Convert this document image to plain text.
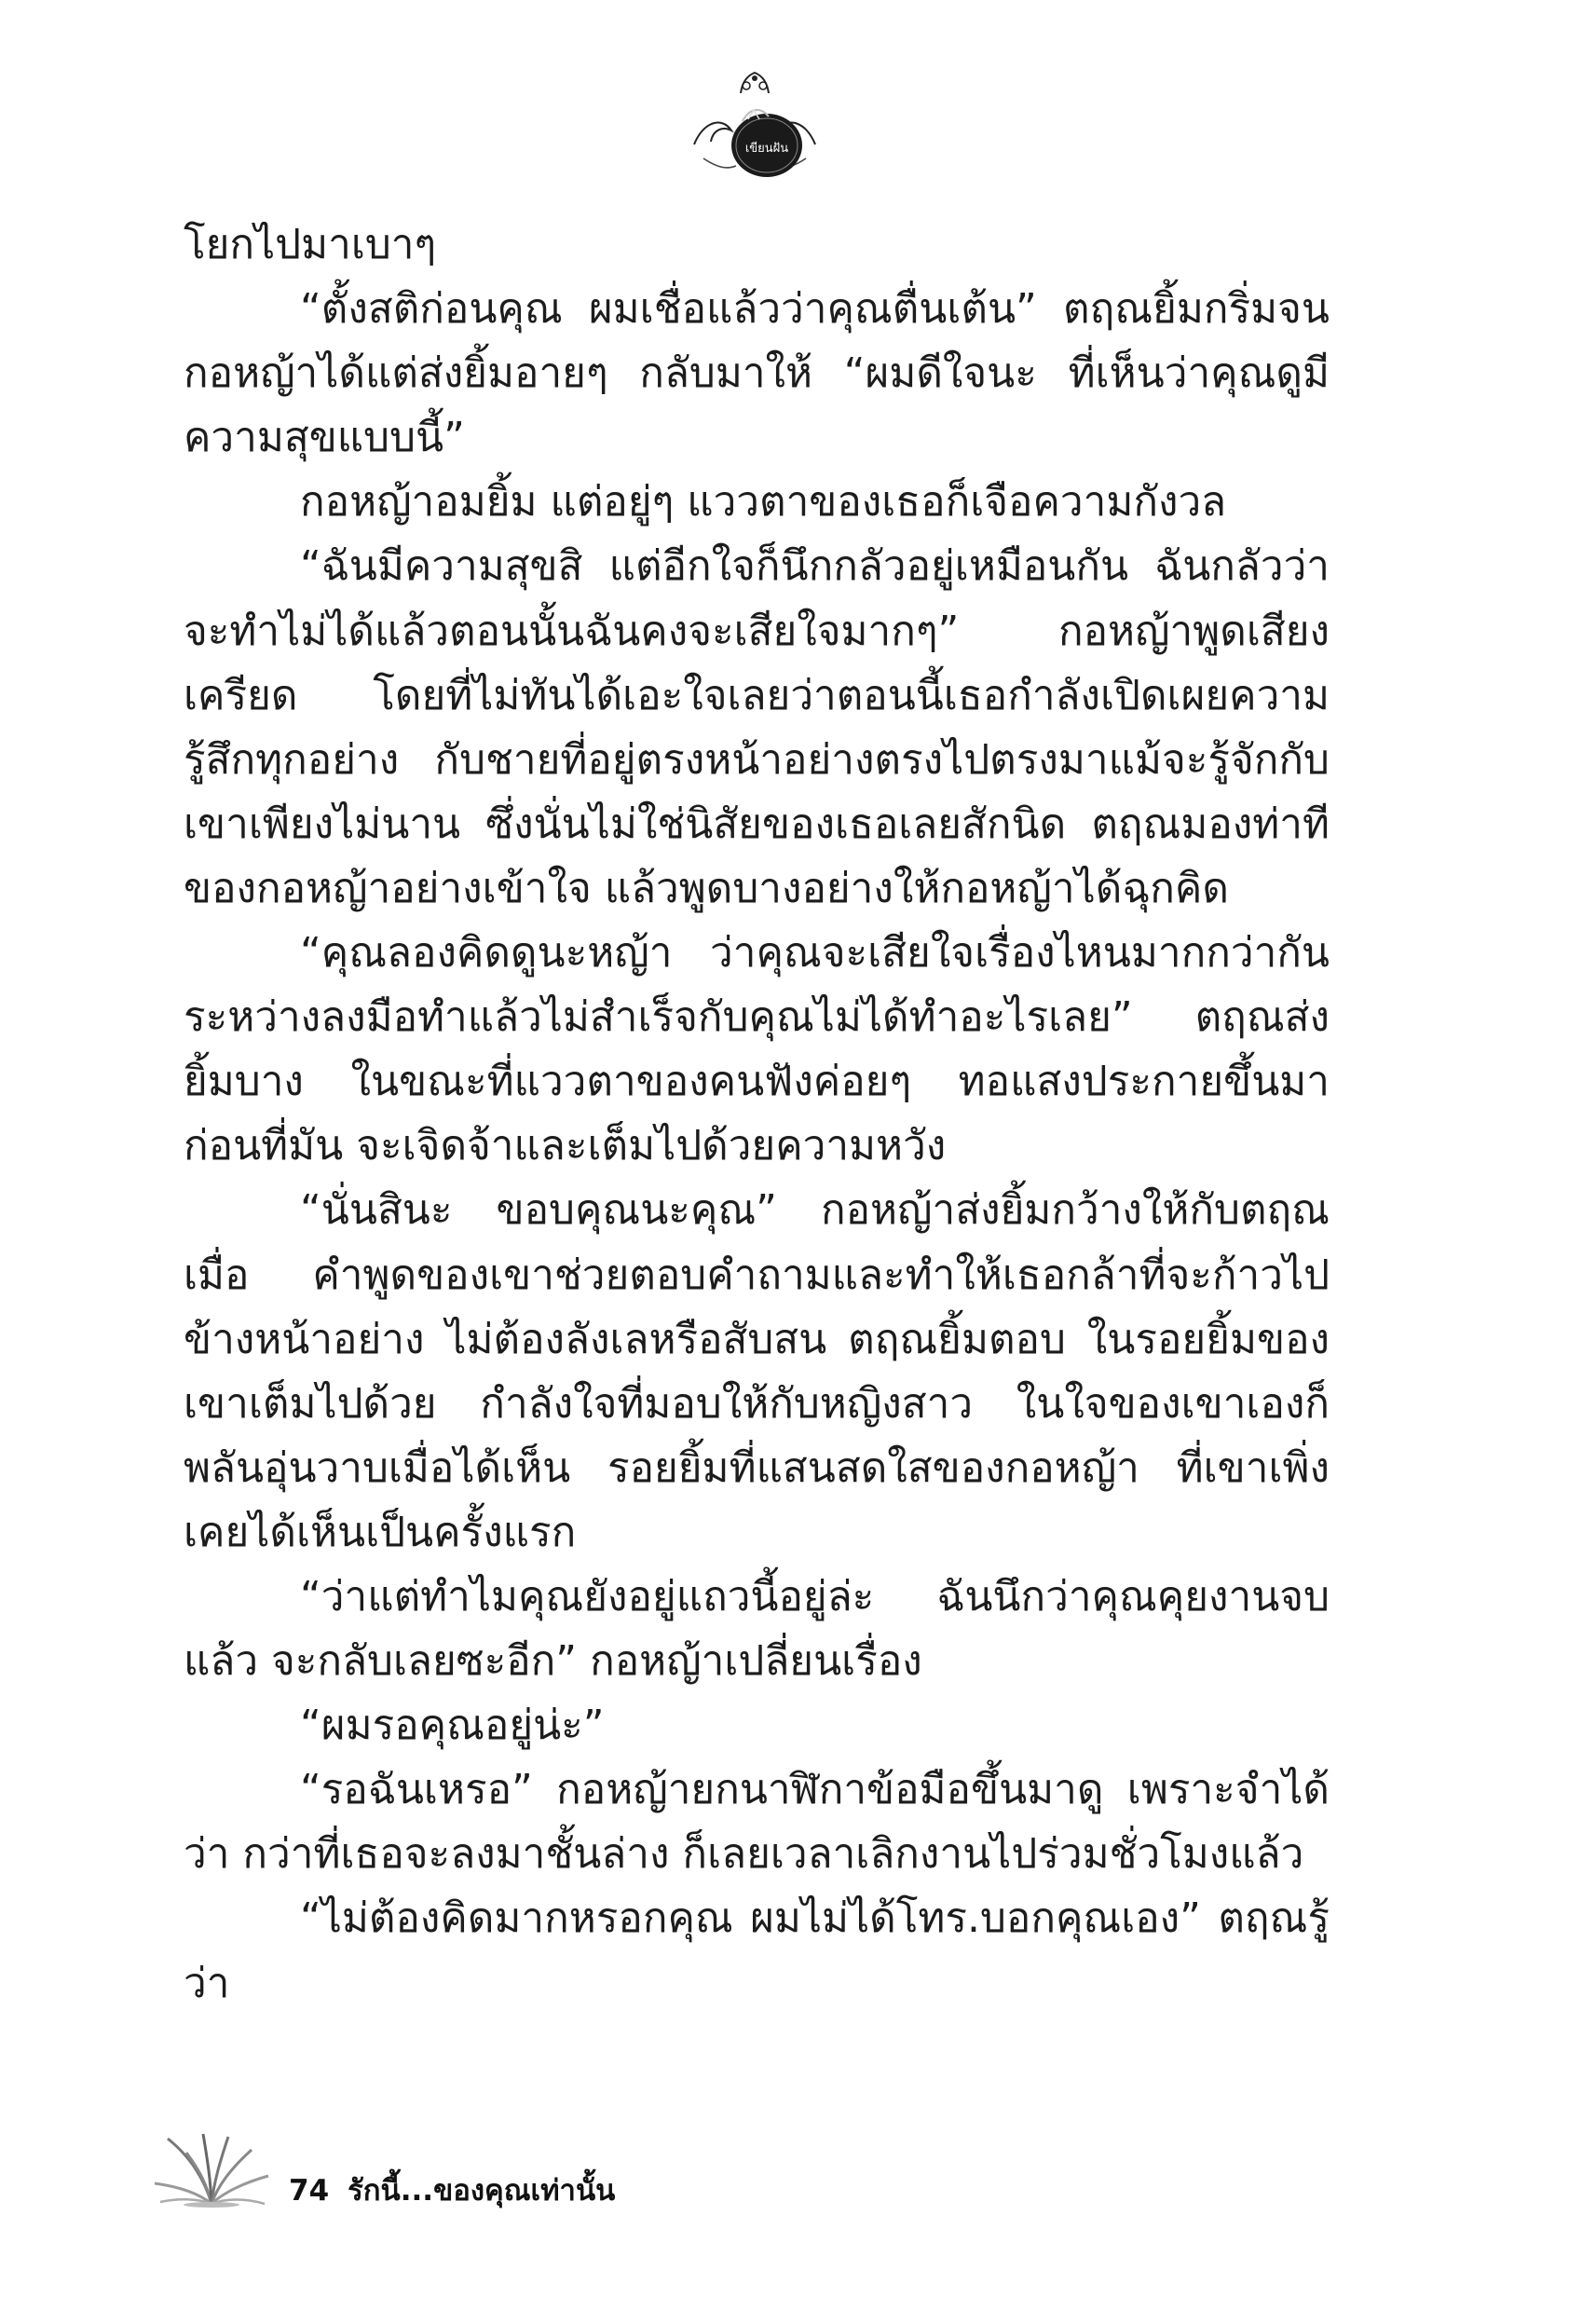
เขียนฝัน

โยกไปมาเบาๆ

“ตั้งสติก่อนคุณ ผมเชื่อแล้วว่าคุณตื่นเต้น” ตฤณยิ้มกริ่มจน กอหญ้าได้แต่ส่งยิ้มอายๆ กลับมาให้ “ผมดีใจนะ ที่เห็นว่าคุณดูมี ความสุขแบบนี้”

กอหญ้าอมยิ้ม แต่อยู่ๆ แววตาของเธอก็เจือความกังวล

“ฉันมีความสุขสิ แต่อีกใจก็นึกกลัวอยู่เหมือนกัน ฉันกลัวว่า จะทำไม่ได้แล้วตอนนั้นฉันคงจะเสียใจมากๆ” กอหญ้าพูดเสียงเครียด โดยที่ไม่ทันได้เอะใจเลยว่าตอนนี้เธอกำลังเปิดเผยความรู้สึกทุกอย่าง กับชายที่อยู่ตรงหน้าอย่างตรงไปตรงมาแม้จะรู้จักกับเขาเพียงไม่นาน ซึ่งนั่นไม่ใช่นิสัยของเธอเลยสักนิด ตฤณมองท่าทีของกอหญ้าอย่างเข้าใจ แล้วพูดบางอย่างให้กอหญ้าได้ฉุกคิด

“คุณลองคิดดูนะหญ้า ว่าคุณจะเสียใจเรื่องไหนมากกว่ากัน ระหว่างลงมือทำแล้วไม่สำเร็จกับคุณไม่ได้ทำอะไรเลย” ตฤณส่งยิ้มบาง ในขณะที่แววตาของคนฟังค่อยๆ ทอแสงประกายขึ้นมา ก่อนที่มัน จะเจิดจ้าและเต็มไปด้วยความหวัง

“นั่นสินะ ขอบคุณนะคุณ” กอหญ้าส่งยิ้มกว้างให้กับตฤณ เมื่อ คำพูดของเขาช่วยตอบคำถามและทำให้เธอกล้าที่จะก้าวไปข้างหน้าอย่าง ไม่ต้องลังเลหรือสับสน ตฤณยิ้มตอบ ในรอยยิ้มของเขาเต็มไปด้วย กำลังใจที่มอบให้กับหญิงสาว ในใจของเขาเองก็พลันอุ่นวาบเมื่อได้เห็น รอยยิ้มที่แสนสดใสของกอหญ้า ที่เขาเพิ่งเคยได้เห็นเป็นครั้งแรก

“ว่าแต่ทำไมคุณยังอยู่แถวนี้อยู่ล่ะ ฉันนึกว่าคุณคุยงานจบแล้ว จะกลับเลยซะอีก” กอหญ้าเปลี่ยนเรื่อง

“ผมรอคุณอยู่น่ะ”

“รอฉันเหรอ” กอหญ้ายกนาฬิกาข้อมือขึ้นมาดู เพราะจำได้ว่า กว่าที่เธอจะลงมาชั้นล่าง ก็เลยเวลาเลิกงานไปร่วมชั่วโมงแล้ว

“ไม่ต้องคิดมากหรอกคุณ ผมไม่ได้โทร.บอกคุณเอง” ตฤณรู้ว่า

74 รักนี้...ของคุณเท่านั้น
